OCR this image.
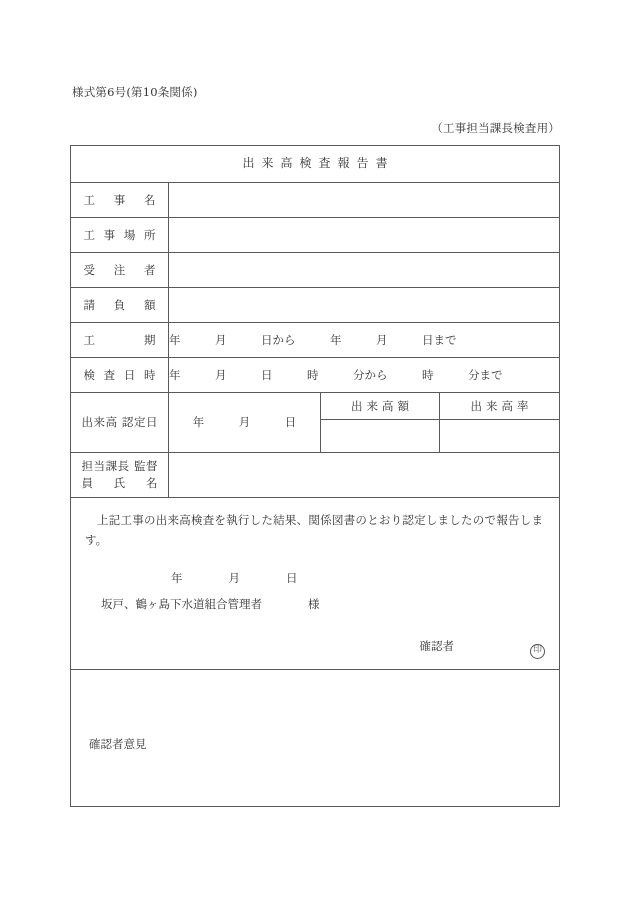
様式第6号(第10条関係)
（工事担当課長検査用）
出来高検査報告書			

工事名			

工事場所			

受注者			

請負額			

工期	年　　　月　　　日から　　　年　　　月　　　日まで		

検査日時	年　　　月　　　日　　　時　　　分から　　　時　　　分まで		

出来高 認定日	年　　　月　　　日	出来高額	出来高率

担当課長 監督員氏名			

上記工事の出来高検査を執行した結果、関係図書のとおり認定しましたので報告します。
年　　　　月　　　　日
坂戸、鶴ヶ島下水道組合管理者　　　　様
確認者 印			

確認者意見			
